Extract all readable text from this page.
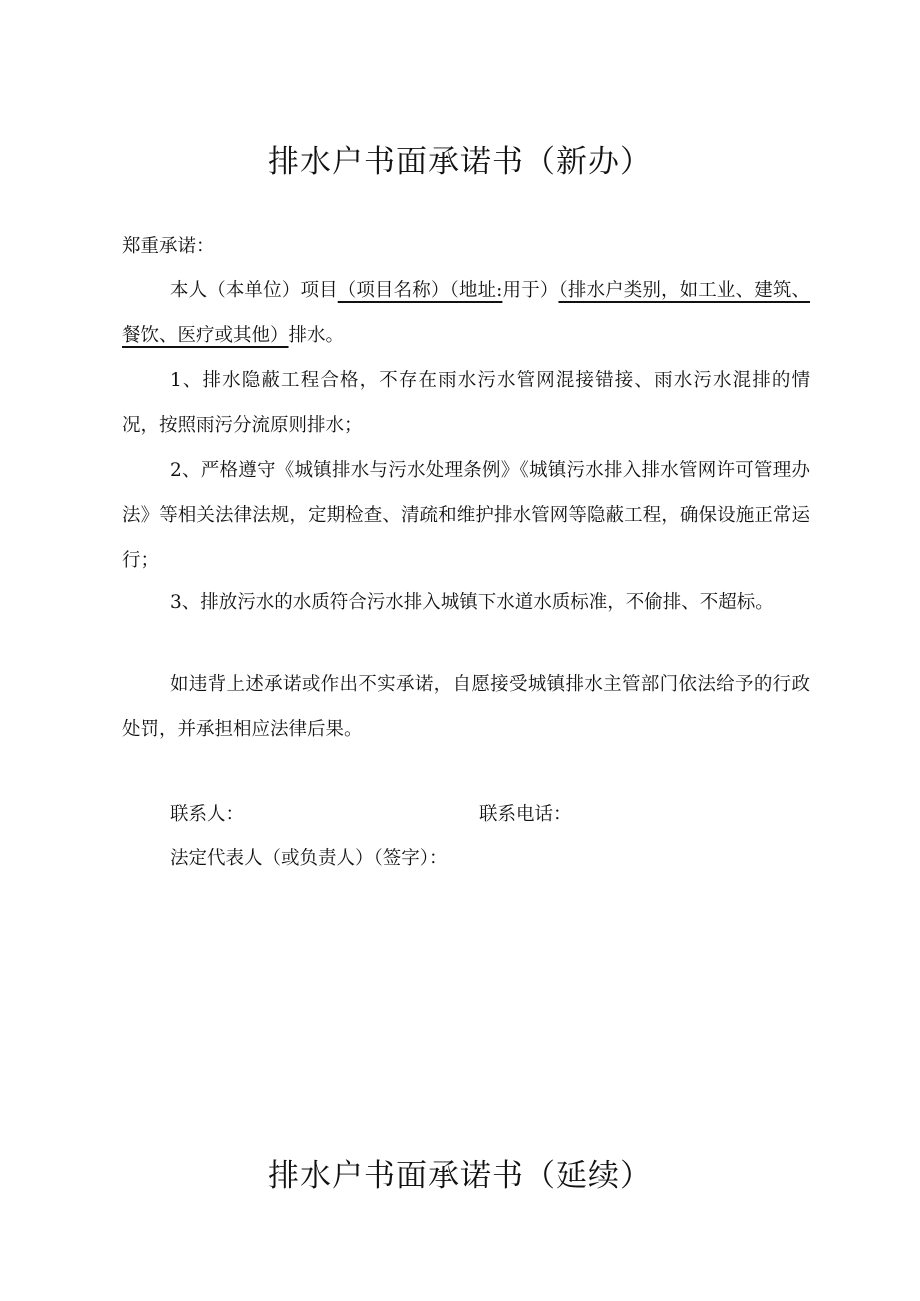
排水户书面承诺书（新办）
郑重承诺：

本人（本单位）项目（项目名称）（地址:用于）（排水户类别，如工业、建筑、餐饮、医疗或其他）排水。

1、排水隐蔽工程合格，不存在雨水污水管网混接错接、雨水污水混排的情况，按照雨污分流原则排水；

2、严格遵守《城镇排水与污水处理条例》《城镇污水排入排水管网许可管理办法》等相关法律法规，定期检查、清疏和维护排水管网等隐蔽工程，确保设施正常运行；

3、排放污水的水质符合污水排入城镇下水道水质标准，不偷排、不超标。

如违背上述承诺或作出不实承诺，自愿接受城镇排水主管部门依法给予的行政处罚，并承担相应法律后果。

联系人：	联系电话：
法定代表人（或负责人）（签字）：
排水户书面承诺书（延续）
